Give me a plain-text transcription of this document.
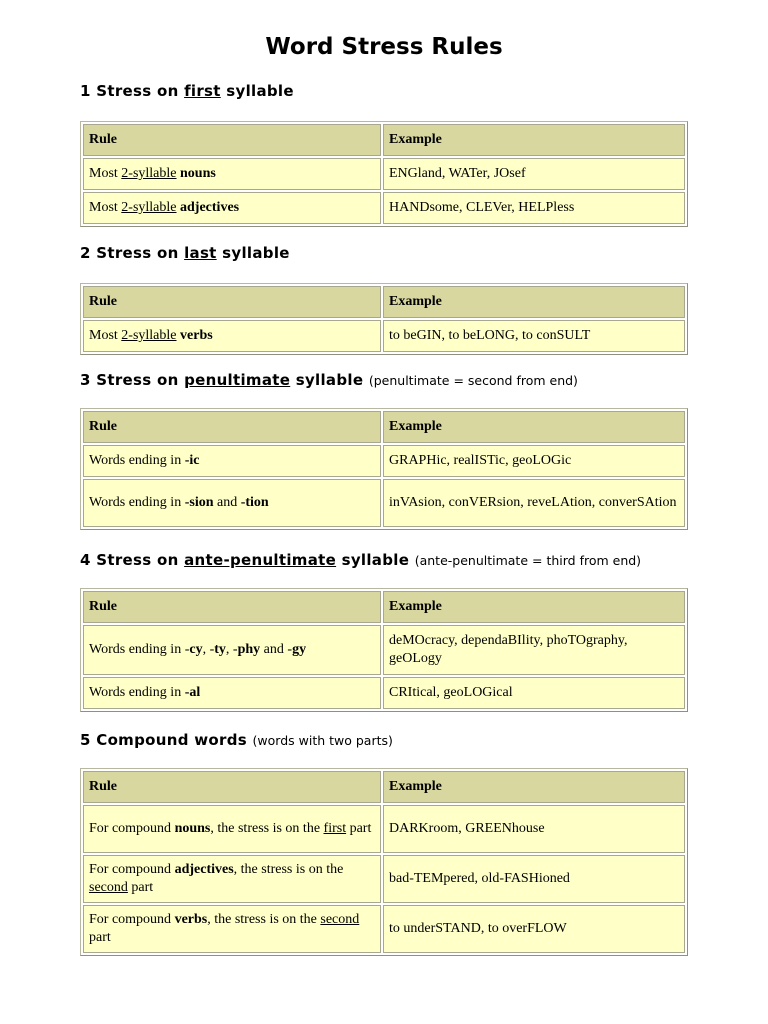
Word Stress Rules
1 Stress on first syllable
Rule	Example
Most 2-syllable nouns	ENGland, WATer, JOsef
Most 2-syllable adjectives	HANDsome, CLEVer, HELPless
2 Stress on last syllable
Rule	Example
Most 2-syllable verbs	to beGIN, to beLONG, to conSULT
3 Stress on penultimate syllable (penultimate = second from end)
Rule	Example
Words ending in -ic	GRAPHic, realISTic, geoLOGic
Words ending in -sion and -tion	inVAsion, conVERsion, reveLAtion, converSAtion
4 Stress on ante-penultimate syllable (ante-penultimate = third from end)
Rule	Example
Words ending in -cy, -ty, -phy and -gy	deMOcracy, dependaBIlity, phoTOgraphy, geOLogy
Words ending in -al	CRItical, geoLOGical
5 Compound words (words with two parts)
Rule	Example
For compound nouns, the stress is on the first part	DARKroom, GREENhouse
For compound adjectives, the stress is on the second part	bad-TEMpered, old-FASHioned
For compound verbs, the stress is on the second part	to underSTAND, to overFLOW
